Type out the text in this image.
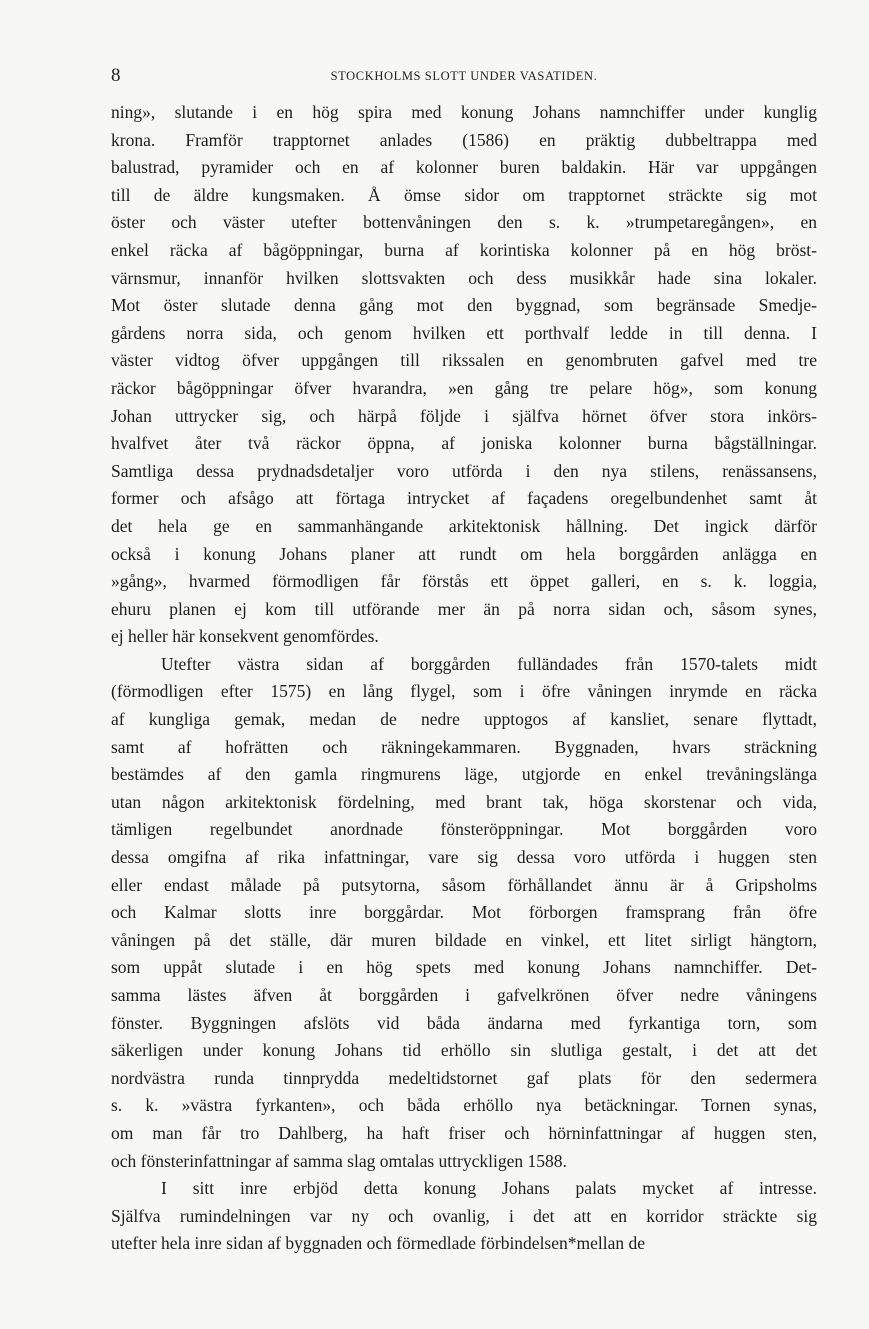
8	STOCKHOLMS SLOTT UNDER VASATIDEN.

ning», slutande i en hög spira med konung Johans namnchiffer under kunglig
krona. Framför trapptornet anlades (1586) en präktig dubbeltrappa med
balustrad, pyramider och en af kolonner buren baldakin. Här var uppgången
till de äldre kungsmaken. Å ömse sidor om trapptornet sträckte sig mot
öster och väster utefter bottenvåningen den s. k. »trumpetaregången», en
enkel räcka af bågöppningar, burna af korintiska kolonner på en hög bröst-
värnsmur, innanför hvilken slottsvakten och dess musikkår hade sina lokaler.
Mot öster slutade denna gång mot den byggnad, som begränsade Smedje-
gårdens norra sida, och genom hvilken ett porthvalf ledde in till denna. I
väster vidtog öfver uppgången till rikssalen en genombruten gafvel med tre
räckor bågöppningar öfver hvarandra, »en gång tre pelare hög», som konung
Johan uttrycker sig, och härpå följde i själfva hörnet öfver stora inkörs-
hvalfvet åter två räckor öppna, af joniska kolonner burna bågställningar.
Samtliga dessa prydnadsdetaljer voro utförda i den nya stilens, renässansens,
former och afsågo att förtaga intrycket af façadens oregelbundenhet samt åt
det hela ge en sammanhängande arkitektonisk hållning. Det ingick därför
också i konung Johans planer att rundt om hela borggården anlägga en
»gång», hvarmed förmodligen får förstås ett öppet galleri, en s. k. loggia,
ehuru planen ej kom till utförande mer än på norra sidan och, såsom synes,
ej heller här konsekvent genomfördes.

Utefter västra sidan af borggården fulländades från 1570-talets midt
(förmodligen efter 1575) en lång flygel, som i öfre våningen inrymde en räcka
af kungliga gemak, medan de nedre upptogos af kansliet, senare flyttadt,
samt af hofrätten och räkningekammaren. Byggnaden, hvars sträckning
bestämdes af den gamla ringmurens läge, utgjorde en enkel trevåningslänga
utan någon arkitektonisk fördelning, med brant tak, höga skorstenar och vida,
tämligen regelbundet anordnade fönsteröppningar. Mot borggården voro
dessa omgifna af rika infattningar, vare sig dessa voro utförda i huggen sten
eller endast målade på putsytorna, såsom förhållandet ännu är å Gripsholms
och Kalmar slotts inre borggårdar. Mot förborgen framsprang från öfre
våningen på det ställe, där muren bildade en vinkel, ett litet sirligt hängtorn,
som uppåt slutade i en hög spets med konung Johans namnchiffer. Det-
samma lästes äfven åt borggården i gafvelkrönen öfver nedre våningens
fönster. Byggningen afslöts vid båda ändarna med fyrkantiga torn, som
säkerligen under konung Johans tid erhöllo sin slutliga gestalt, i det att det
nordvästra runda tinnprydda medeltidstornet gaf plats för den sedermera
s. k. »västra fyrkanten», och båda erhöllo nya betäckningar. Tornen synas,
om man får tro Dahlberg, ha haft friser och hörninfattningar af huggen sten,
och fönsterinfattningar af samma slag omtalas uttryckligen 1588.

I sitt inre erbjöd detta konung Johans palats mycket af intresse.
Själfva rumindelningen var ny och ovanlig, i det att en korridor sträckte sig
utefter hela inre sidan af byggnaden och förmedlade förbindelsen*mellan de
